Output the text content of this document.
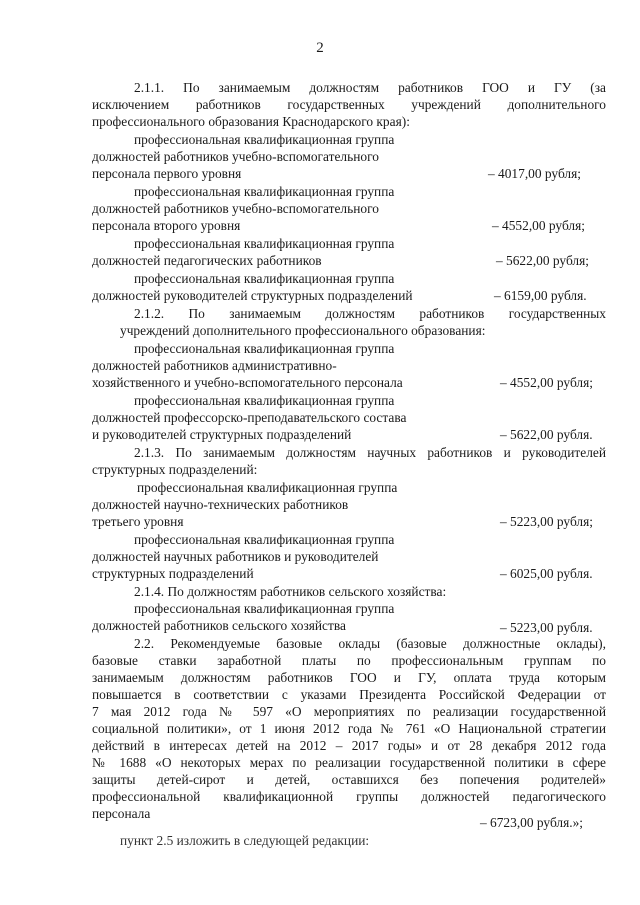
2
2.1.1. По занимаемым должностям работников ГОО и ГУ (за
исключением работников государственных учреждений дополнительного
профессионального образования Краснодарского края):
профессиональная квалификационная группа
должностей работников учебно-вспомогательного
персонала первого уровня	– 4017,00 рубля;
профессиональная квалификационная группа
должностей работников учебно-вспомогательного
персонала второго уровня	– 4552,00 рубля;
профессиональная квалификационная группа
должностей педагогических работников	– 5622,00 рубля;
профессиональная квалификационная группа
должностей руководителей структурных подразделений	– 6159,00 рубля.
2.1.2. По занимаемым должностям работников государственных
учреждений дополнительного профессионального образования:
профессиональная квалификационная группа
должностей работников административно-
хозяйственного и учебно-вспомогательного персонала	– 4552,00 рубля;
профессиональная квалификационная группа
должностей профессорско-преподавательского состава
и руководителей структурных подразделений	– 5622,00 рубля.
2.1.3. По занимаемым должностям научных работников и руководителей
структурных подразделений:
профессиональная квалификационная группа
должностей научно-технических работников
третьего уровня	– 5223,00 рубля;
профессиональная квалификационная группа
должностей научных работников и руководителей
структурных подразделений	– 6025,00 рубля.
2.1.4. По должностям работников сельского хозяйства:
профессиональная квалификационная группа
должностей работников сельского хозяйства	– 5223,00 рубля.
2.2. Рекомендуемые базовые оклады (базовые должностные оклады),
базовые ставки заработной платы по профессиональным группам по
занимаемым должностям работников ГОО и ГУ, оплата труда которым
повышается в соответствии с указами Президента Российской Федерации от
7 мая 2012 года № 597 «О мероприятиях по реализации государственной
социальной политики», от 1 июня 2012 года № 761 «О Национальной стратегии
действий в интересах детей на 2012 – 2017 годы» и от 28 декабря 2012 года
№ 1688 «О некоторых мерах по реализации государственной политики в сфере
защиты детей-сирот и детей, оставшихся без попечения родителей»
профессиональной квалификационной группы должностей педагогического
персонала
– 6723,00 рубля.»;
пункт 2.5 изложить в следующей редакции:
